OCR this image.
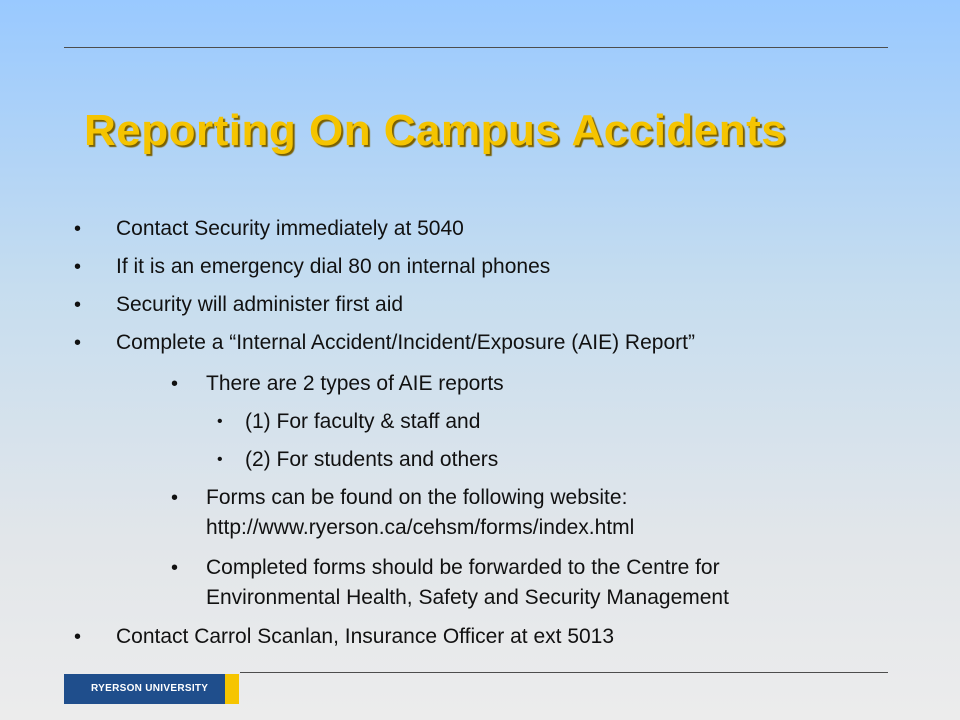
Reporting On Campus Accidents
• Contact Security immediately at 5040
• If it is an emergency dial 80 on internal phones
• Security will administer first aid
• Complete a “Internal Accident/Incident/Exposure (AIE) Report”
• There are 2 types of AIE reports
• (1) For faculty & staff and
• (2) For students and others
• Forms can be found on the following website:
http://www.ryerson.ca/cehsm/forms/index.html
• Completed forms should be forwarded to the Centre for
Environmental Health, Safety and Security Management
• Contact Carrol Scanlan, Insurance Officer at ext 5013
RYERSON UNIVERSITY
